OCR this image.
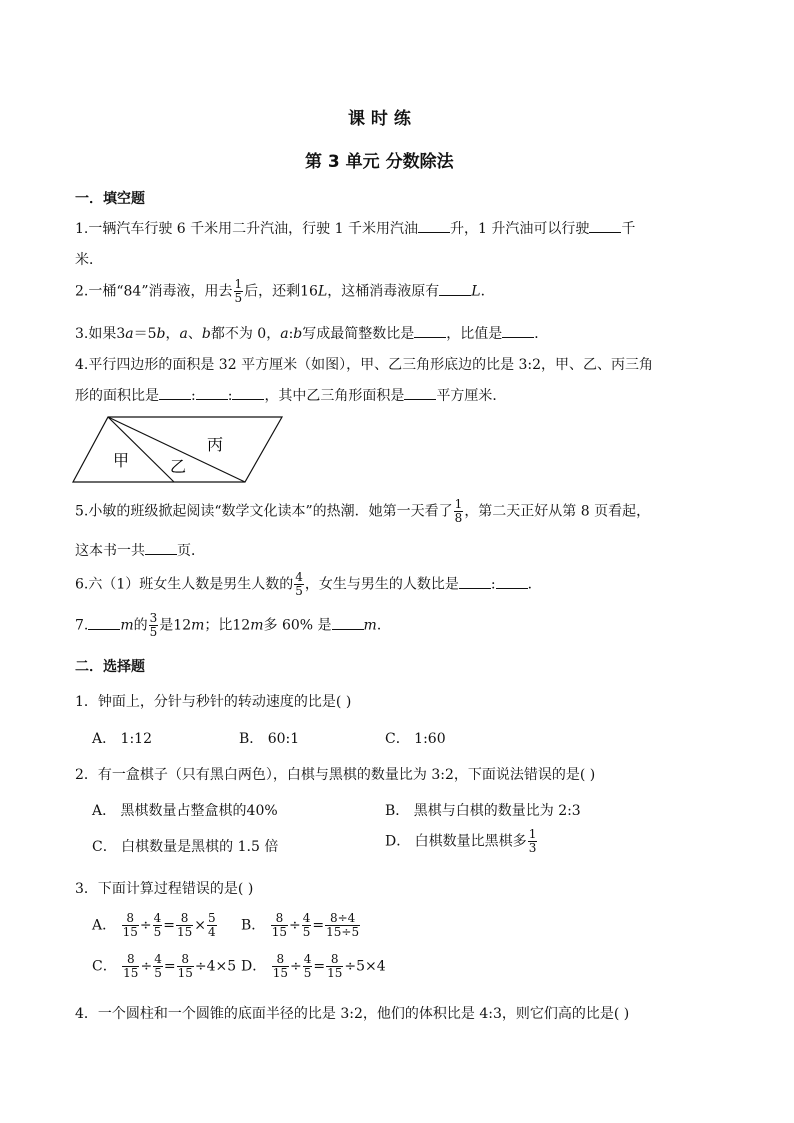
课 时 练
第 3 单元 分数除法
一．填空题
1.一辆汽车行驶 6 千米用二升汽油，行驶 1 千米用汽油 升，1 升汽油可以行驶 千
米．
2.一桶“84”消毒液，用去 $\frac{1}{5}$ 后，还剩16L，这桶消毒液原有 L．
3.如果3a＝5b，a、b都不为 0，a:b写成最简整数比是 ，比值是 ．
4.平行四边形的面积是 32 平方厘米（如图），甲、乙三角形底边的比是 3:2，甲、乙、丙三角
形的面积比是 : : ，其中乙三角形面积是 平方厘米．
甲	乙
丙
5.小敏的班级掀起阅读“数学文化读本”的热潮．她第一天看了 $\frac{1}{8}$ ，第二天正好从第 8 页看起，
这本书一共 页．
6.六（1）班女生人数是男生人数的 $\frac{4}{5}$ ，女生与男生的人数比是 : ．
7. m的 $\frac{3}{5}$ 是12m；比12m多 60% 是 m．
二．选择题
1．钟面上，分针与秒针的转动速度的比是( )
A． 1:12	B． 60:1	C． 1:60
2．有一盒棋子（只有黑白两色），白棋与黑棋的数量比为 3:2，下面说法错误的是( )
A． 黑棋数量占整盒棋的40%	B． 黑棋与白棋的数量比为 2:3
C． 白棋数量是黑棋的 1.5 倍	D． 白棋数量比黑棋多 $\frac{1}{3}$
3．下面计算过程错误的是( )
A． $\frac{8}{15} \div \frac{4}{5} = \frac{8}{15} \times \frac{5}{4}$ B． $\frac{8}{15} \div \frac{4}{5} = \frac{8\div 4}{15\div 5}$
C． $\frac{8}{15} \div \frac{4}{5} = \frac{8}{15} \div 4\times 5$ D． $\frac{8}{15} \div \frac{4}{5} = \frac{8}{15} \div 5\times 4$
4．一个圆柱和一个圆锥的底面半径的比是 3:2，他们的体积比是 4:3，则它们高的比是( )
